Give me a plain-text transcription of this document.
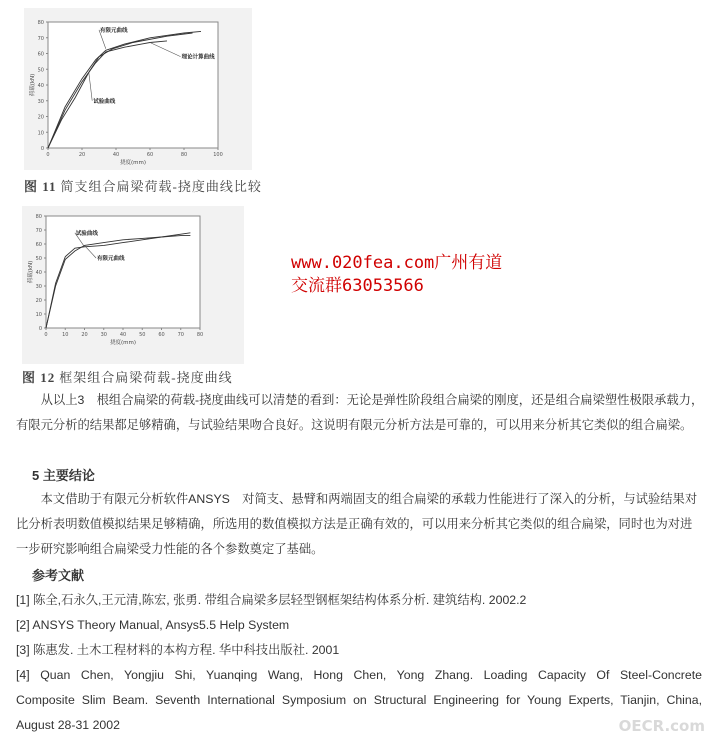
0	20	40	60	80	100
0
10
20
30
40
50
60
70
80
挠度(mm)
荷载(kN)
有限元曲线
理论计算曲线
试验曲线
图 11 简支组合扁梁荷载-挠度曲线比较
0	10	20	30	40	50	60	70	80
0
10
20
30
40
50
60
70
80
挠度(mm)
荷载(kN)
试验曲线
有限元曲线
图 12 框架组合扁梁荷载-挠度曲线
www.020fea.com广州有道
交流群63053566
从以上3　根组合扁梁的荷载-挠度曲线可以清楚的看到：无论是弹性阶段组合扁梁的刚度，还是组合扁梁塑性极限承载力，有限元分析的结果都足够精确，与试验结果吻合良好。这说明有限元分析方法是可靠的，可以用来分析其它类似的组合扁梁。
5 主要结论
本文借助于有限元分析软件ANSYS　对简支、悬臂和两端固支的组合扁梁的承载力性能进行了深入的分析，与试验结果对比分析表明数值模拟结果足够精确，所选用的数值模拟方法是正确有效的，可以用来分析其它类似的组合扁梁，同时也为对进一步研究影响组合扁梁受力性能的各个参数奠定了基础。
参考文献
[1] 陈全,石永久,王元清,陈宏, 张勇. 带组合扁梁多层轻型钢框架结构体系分析. 建筑结构. 2002.2
[2] ANSYS Theory Manual, Ansys5.5 Help System
[3] 陈惠发. 土木工程材料的本构方程. 华中科技出版社. 2001
[4] Quan Chen, Yongjiu Shi, Yuanqing Wang, Hong Chen, Yong Zhang. Loading Capacity Of Steel-Concrete
Composite Slim Beam. Seventh International Symposium on Structural Engineering for Young Experts, Tianjin, China,
August 28-31 2002	OECR.com
